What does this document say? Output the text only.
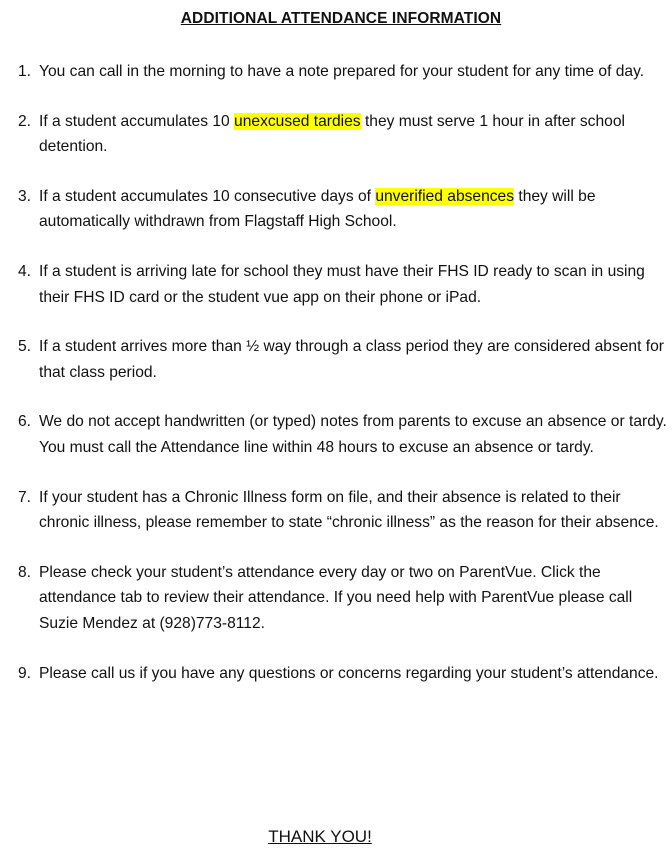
ADDITIONAL ATTENDANCE INFORMATION
1. You can call in the morning to have a note prepared for your student for any time of day.
2. If a student accumulates 10 unexcused tardies they must serve 1 hour in after school detention.
3. If a student accumulates 10 consecutive days of unverified absences they will be automatically withdrawn from Flagstaff High School.
4. If a student is arriving late for school they must have their FHS ID ready to scan in using their FHS ID card or the student vue app on their phone or iPad.
5. If a student arrives more than ½ way through a class period they are considered absent for that class period.
6. We do not accept handwritten (or typed) notes from parents to excuse an absence or tardy. You must call the Attendance line within 48 hours to excuse an absence or tardy.
7. If your student has a Chronic Illness form on file, and their absence is related to their chronic illness, please remember to state “chronic illness” as the reason for their absence.
8. Please check your student’s attendance every day or two on ParentVue. Click the attendance tab to review their attendance. If you need help with ParentVue please call Suzie Mendez at (928)773-8112.
9. Please call us if you have any questions or concerns regarding your student’s attendance.
THANK YOU!
